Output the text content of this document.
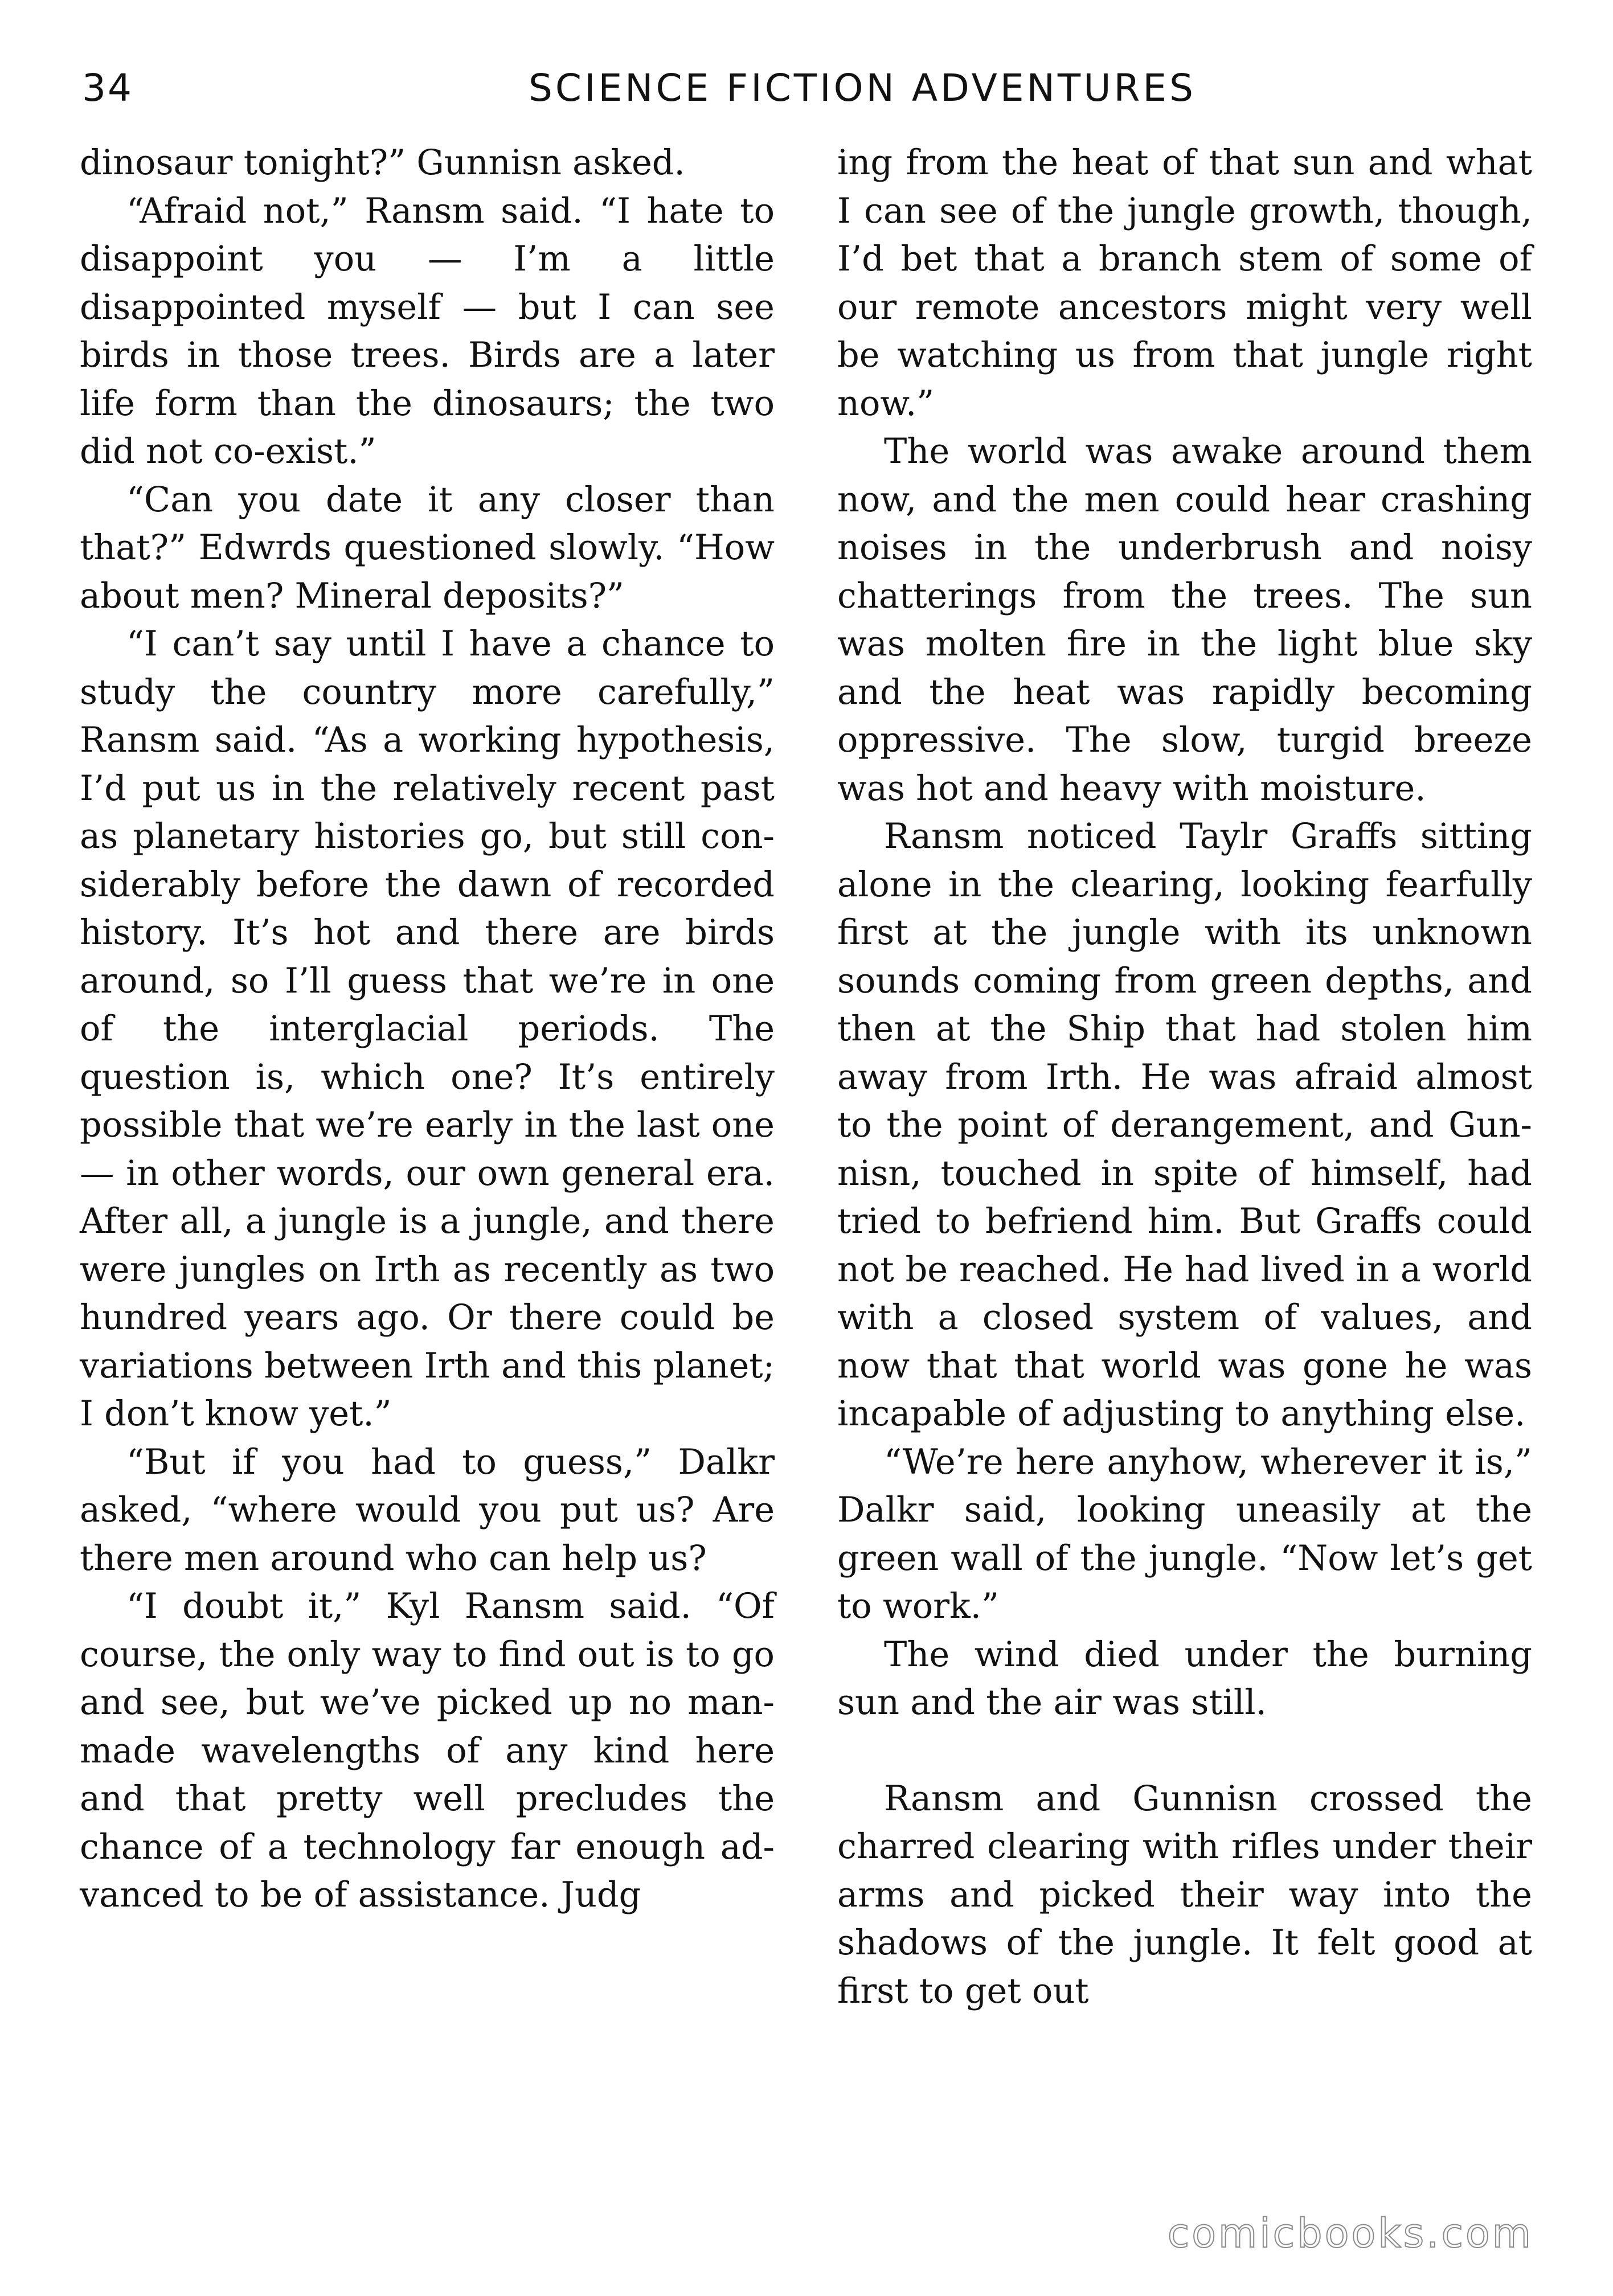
34	SCIENCE FICTION ADVENTURES

dinosaur tonight?” Gunnisn asked.

“Afraid not,” Ransm said. “I hate to disappoint you — I’m a little disappointed myself — but I can see birds in those trees. Birds are a later life form than the dinosaurs; the two did not co-exist.”

“Can you date it any closer than that?” Edwrds questioned slowly. “How about men? Mineral deposits?”

“I can’t say until I have a chance to study the country more carefully,” Ransm said. “As a working hypothesis, I’d put us in the relatively recent past as planetary histories go, but still considerably before the dawn of recorded history. It’s hot and there are birds around, so I’ll guess that we’re in one of the interglacial periods. The question is, which one? It’s entirely possible that we’re early in the last one — in other words, our own general era. After all, a jungle is a jungle, and there were jungles on Irth as recently as two hundred years ago. Or there could be variations between Irth and this planet; I don’t know yet.”

“But if you had to guess,” Dalkr asked, “where would you put us? Are there men around who can help us?

“I doubt it,” Kyl Ransm said. “Of course, the only way to find out is to go and see, but we’ve picked up no man-made wavelengths of any kind here and that pretty well precludes the chance of a technology far enough advanced to be of assistance. Judg

ing from the heat of that sun and what I can see of the jungle growth, though, I’d bet that a branch stem of some of our remote ancestors might very well be watching us from that jungle right now.”

The world was awake around them now, and the men could hear crashing noises in the underbrush and noisy chatterings from the trees. The sun was molten fire in the light blue sky and the heat was rapidly becoming oppressive. The slow, turgid breeze was hot and heavy with moisture.

Ransm noticed Taylr Graffs sitting alone in the clearing, looking fearfully first at the jungle with its unknown sounds coming from green depths, and then at the Ship that had stolen him away from Irth. He was afraid almost to the point of derangement, and Gunnisn, touched in spite of himself, had tried to befriend him. But Graffs could not be reached. He had lived in a world with a closed system of values, and now that that world was gone he was incapable of adjusting to anything else.

“We’re here anyhow, wherever it is,” Dalkr said, looking uneasily at the green wall of the jungle. “Now let’s get to work.”

The wind died under the burning sun and the air was still.

Ransm and Gunnisn crossed the charred clearing with rifles under their arms and picked their way into the shadows of the jungle. It felt good at first to get out

comicbooks.com
